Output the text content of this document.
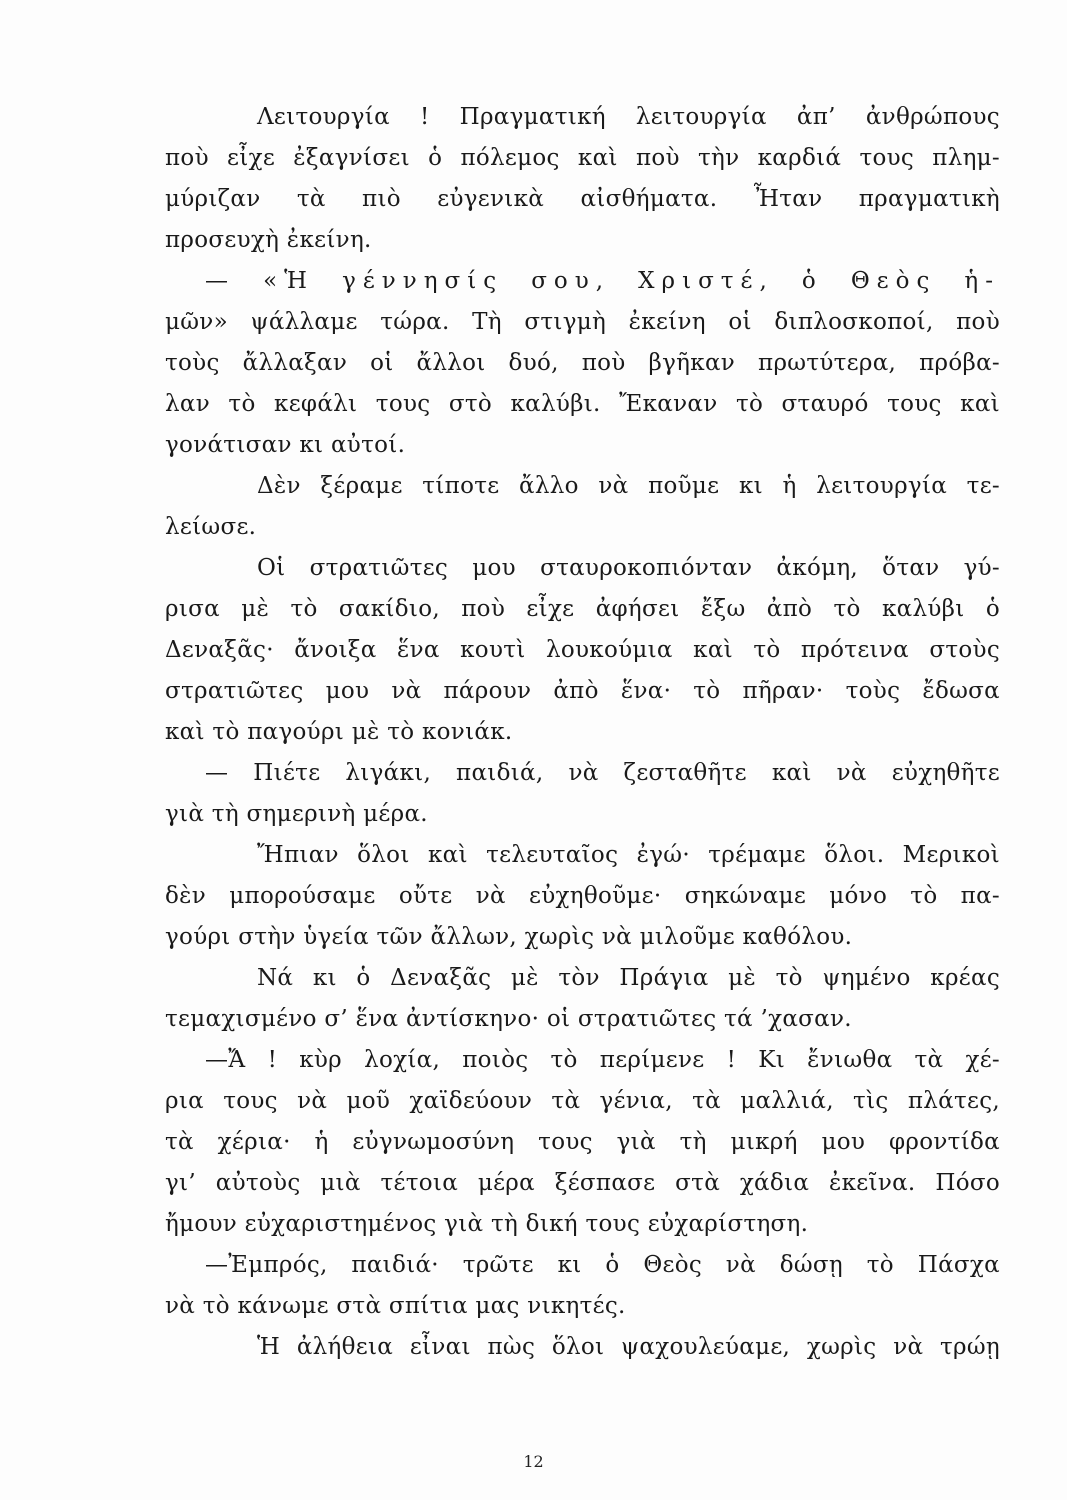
Λειτουργία ! Πραγματική λειτουργία ἀπ’ ἀνθρώπους
ποὺ εἶχε ἐξαγνίσει ὁ πόλεμος καὶ ποὺ τὴν καρδιά τους πλημ-
μύριζαν τὰ πιὸ εὐγενικὰ αἰσθήματα. Ἦταν πραγματικὴ
προσευχὴ ἐκείνη.
— «Ἡ γέννησίς σου, Χριστέ, ὁ Θεὸς ἡ-
μῶν» ψάλλαμε τώρα. Τὴ στιγμὴ ἐκείνη οἱ διπλοσκοποί, ποὺ
τοὺς ἄλλαξαν οἱ ἄλλοι δυό, ποὺ βγῆκαν πρωτύτερα, πρόβα-
λαν τὸ κεφάλι τους στὸ καλύβι. Ἔκαναν τὸ σταυρό τους καὶ
γονάτισαν κι αὐτοί.
Δὲν ξέραμε τίποτε ἄλλο νὰ ποῦμε κι ἡ λειτουργία τε-
λείωσε.
Οἱ στρατιῶτες μου σταυροκοπιόνταν ἀκόμη, ὅταν γύ-
ρισα μὲ τὸ σακίδιο, ποὺ εἶχε ἀφήσει ἔξω ἀπὸ τὸ καλύβι ὁ
Δεναξᾶς· ἄνοιξα ἕνα κουτὶ λουκούμια καὶ τὸ πρότεινα στοὺς
στρατιῶτες μου νὰ πάρουν ἀπὸ ἕνα· τὸ πῆραν· τοὺς ἔδωσα
καὶ τὸ παγούρι μὲ τὸ κονιάκ.
— Πιέτε λιγάκι, παιδιά, νὰ ζεσταθῆτε καὶ νὰ εὐχηθῆτε
γιὰ τὴ σημερινὴ μέρα.
Ἤπιαν ὅλοι καὶ τελευταῖος ἐγώ· τρέμαμε ὅλοι. Μερικοὶ
δὲν μπορούσαμε οὔτε νὰ εὐχηθοῦμε· σηκώναμε μόνο τὸ πα-
γούρι στὴν ὑγεία τῶν ἄλλων, χωρὶς νὰ μιλοῦμε καθόλου.
Νά κι ὁ Δεναξᾶς μὲ τὸν Πράγια μὲ τὸ ψημένο κρέας
τεμαχισμένο σ’ ἕνα ἀντίσκηνο· οἱ στρατιῶτες τά ’χασαν.
—Ἄ ! κὺρ λοχία, ποιὸς τὸ περίμενε ! Κι ἔνιωθα τὰ χέ-
ρια τους νὰ μοῦ χαϊδεύουν τὰ γένια, τὰ μαλλιά, τὶς πλάτες,
τὰ χέρια· ἡ εὐγνωμοσύνη τους γιὰ τὴ μικρή μου φροντίδα
γι’ αὐτοὺς μιὰ τέτοια μέρα ξέσπασε στὰ χάδια ἐκεῖνα. Πόσο
ἤμουν εὐχαριστημένος γιὰ τὴ δική τους εὐχαρίστηση.
—Ἐμπρός, παιδιά· τρῶτε κι ὁ Θεὸς νὰ δώσῃ τὸ Πάσχα
νὰ τὸ κάνωμε στὰ σπίτια μας νικητές.
Ἡ ἀλήθεια εἶναι πὼς ὅλοι ψαχουλεύαμε, χωρὶς νὰ τρώῃ
12
